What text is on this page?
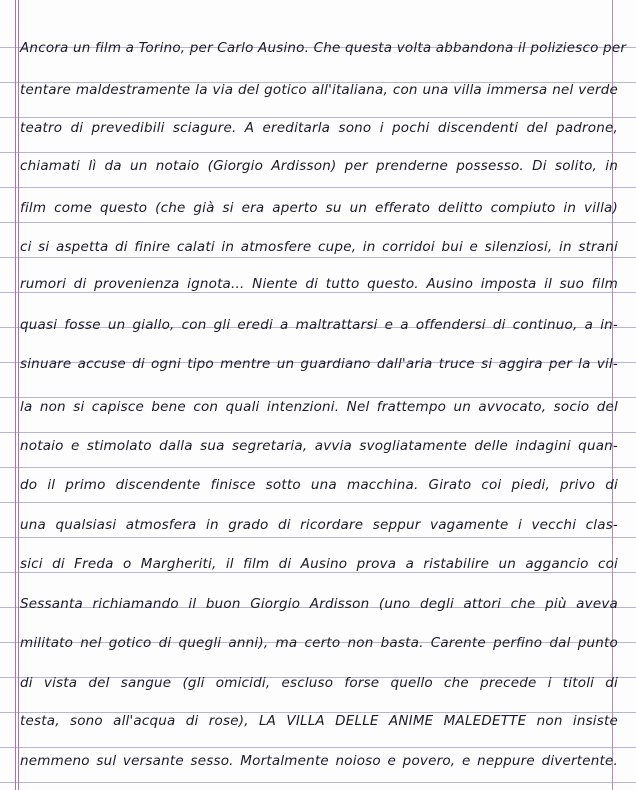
Ancora un film a Torino, per Carlo Ausino. Che questa volta abbandona il poliziesco per
tentare maldestramente la via del gotico all'italiana, con una villa immersa nel verde
teatro di prevedibili sciagure. A ereditarla sono i pochi discendenti del padrone,
chiamati lì da un notaio (Giorgio Ardisson) per prenderne possesso. Di solito, in
film come questo (che già si era aperto su un efferato delitto compiuto in villa)
ci si aspetta di finire calati in atmosfere cupe, in corridoi bui e silenziosi, in strani
rumori di provenienza ignota... Niente di tutto questo. Ausino imposta il suo film
quasi fosse un giallo, con gli eredi a maltrattarsi e a offendersi di continuo, a in-
sinuare accuse di ogni tipo mentre un guardiano dall'aria truce si aggira per la vil-
la non si capisce bene con quali intenzioni. Nel frattempo un avvocato, socio del
notaio e stimolato dalla sua segretaria, avvia svogliatamente delle indagini quan-
do il primo discendente finisce sotto una macchina. Girato coi piedi, privo di
una qualsiasi atmosfera in grado di ricordare seppur vagamente i vecchi clas-
sici di Freda o Margheriti, il film di Ausino prova a ristabilire un aggancio coi
Sessanta richiamando il buon Giorgio Ardisson (uno degli attori che più aveva
militato nel gotico di quegli anni), ma certo non basta. Carente perfino dal punto
di vista del sangue (gli omicidi, escluso forse quello che precede i titoli di
testa, sono all'acqua di rose), LA VILLA DELLE ANIME MALEDETTE non insiste
nemmeno sul versante sesso. Mortalmente noioso e povero, e neppure divertente.
